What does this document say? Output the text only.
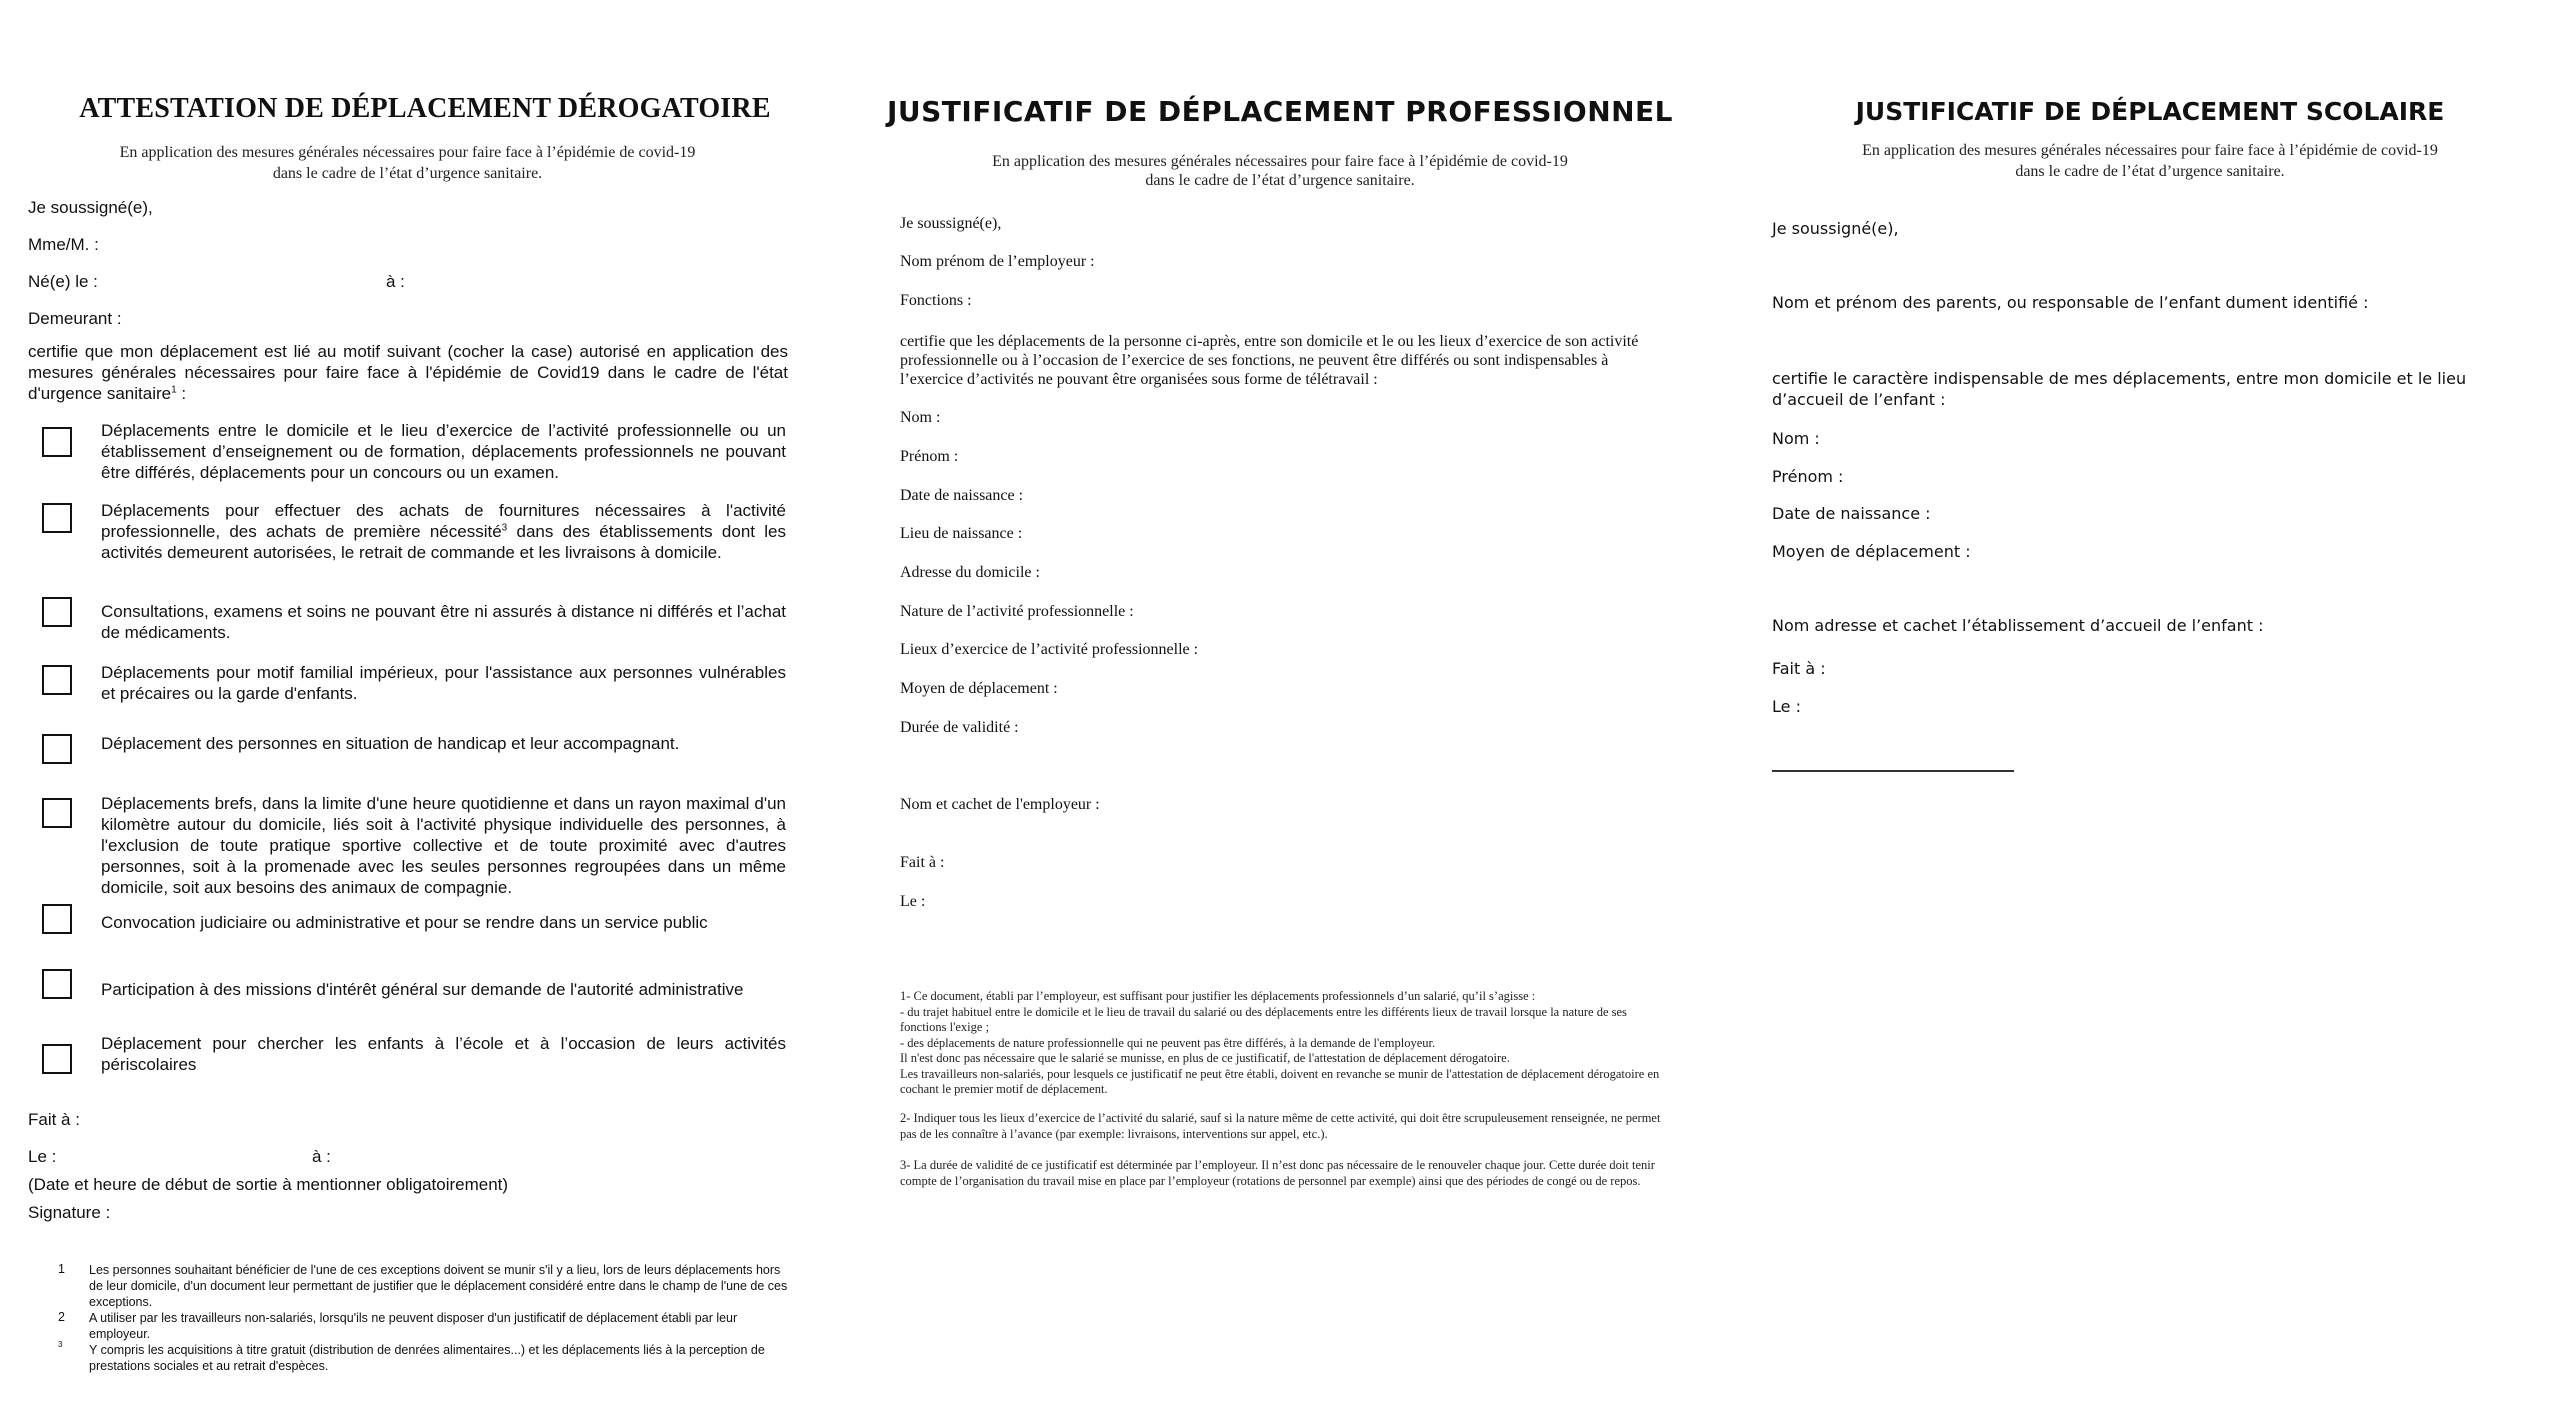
ATTESTATION DE DÉPLACEMENT DÉROGATOIRE
En application des mesures générales nécessaires pour faire face à l’épidémie de covid-19
dans le cadre de l’état d’urgence sanitaire.
Je soussigné(e),
Mme/M. :
Né(e) le :	à :
Demeurant :
certifie que mon déplacement est lié au motif suivant (cocher la case) autorisé en application des mesures générales nécessaires pour faire face à l'épidémie de Covid19 dans le cadre de l'état d'urgence sanitaire$^1$ :
Déplacements entre le domicile et le lieu d’exercice de l’activité professionnelle ou un établissement d’enseignement ou de formation, déplacements professionnels ne pouvant être différés, déplacements pour un concours ou un examen.
Déplacements pour effectuer des achats de fournitures nécessaires à l'activité professionnelle, des achats de première nécessité$^3$ dans des établissements dont les activités demeurent autorisées, le retrait de commande et les livraisons à domicile.
Consultations, examens et soins ne pouvant être ni assurés à distance ni différés et l’achat de médicaments.
Déplacements pour motif familial impérieux, pour l'assistance aux personnes vulnérables et précaires ou la garde d'enfants.
Déplacement des personnes en situation de handicap et leur accompagnant.
Déplacements brefs, dans la limite d'une heure quotidienne et dans un rayon maximal d'un kilomètre autour du domicile, liés soit à l'activité physique individuelle des personnes, à l'exclusion de toute pratique sportive collective et de toute proximité avec d'autres personnes, soit à la promenade avec les seules personnes regroupées dans un même domicile, soit aux besoins des animaux de compagnie.
Convocation judiciaire ou administrative et pour se rendre dans un service public
Participation à des missions d'intérêt général sur demande de l'autorité administrative
Déplacement pour chercher les enfants à l’école et à l’occasion de leurs activités périscolaires
Fait à :
Le :	à :
(Date et heure de début de sortie à mentionner obligatoirement)
Signature :
1 Les personnes souhaitant bénéficier de l'une de ces exceptions doivent se munir s'il y a lieu, lors de leurs déplacements hors de leur domicile, d'un document leur permettant de justifier que le déplacement considéré entre dans le champ de l'une de ces exceptions.
2 A utiliser par les travailleurs non-salariés, lorsqu'ils ne peuvent disposer d'un justificatif de déplacement établi par leur employeur.
3 Y compris les acquisitions à titre gratuit (distribution de denrées alimentaires...) et les déplacements liés à la perception de prestations sociales et au retrait d'espèces.
JUSTIFICATIF DE DÉPLACEMENT PROFESSIONNEL
En application des mesures générales nécessaires pour faire face à l’épidémie de covid-19
dans le cadre de l’état d’urgence sanitaire.
Je soussigné(e),
Nom prénom de l’employeur :
Fonctions :
certifie que les déplacements de la personne ci-après, entre son domicile et le ou les lieux d’exercice de son activité professionnelle ou à l’occasion de l’exercice de ses fonctions, ne peuvent être différés ou sont indispensables à l’exercice d’activités ne pouvant être organisées sous forme de télétravail :
Nom :
Prénom :
Date de naissance :
Lieu de naissance :
Adresse du domicile :
Nature de l’activité professionnelle :
Lieux d’exercice de l’activité professionnelle :
Moyen de déplacement :
Durée de validité :
Nom et cachet de l'employeur :
Fait à :
Le :
1- Ce document, établi par l’employeur, est suffisant pour justifier les déplacements professionnels d’un salarié, qu’il s’agisse :
- du trajet habituel entre le domicile et le lieu de travail du salarié ou des déplacements entre les différents lieux de travail lorsque la nature de ses fonctions l'exige ;
- des déplacements de nature professionnelle qui ne peuvent pas être différés, à la demande de l'employeur.
Il n'est donc pas nécessaire que le salarié se munisse, en plus de ce justificatif, de l'attestation de déplacement dérogatoire.
Les travailleurs non-salariés, pour lesquels ce justificatif ne peut être établi, doivent en revanche se munir de l'attestation de déplacement dérogatoire en cochant le premier motif de déplacement.
2- Indiquer tous les lieux d’exercice de l’activité du salarié, sauf si la nature même de cette activité, qui doit être scrupuleusement renseignée, ne permet pas de les connaître à l’avance (par exemple: livraisons, interventions sur appel, etc.).
3- La durée de validité de ce justificatif est déterminée par l’employeur. Il n’est donc pas nécessaire de le renouveler chaque jour. Cette durée doit tenir compte de l’organisation du travail mise en place par l’employeur (rotations de personnel par exemple) ainsi que des périodes de congé ou de repos.
JUSTIFICATIF DE DÉPLACEMENT SCOLAIRE
En application des mesures générales nécessaires pour faire face à l’épidémie de covid-19
dans le cadre de l’état d’urgence sanitaire.
Je soussigné(e),
Nom et prénom des parents, ou responsable de l’enfant dument identifié :
certifie le caractère indispensable de mes déplacements, entre mon domicile et le lieu d’accueil de l’enfant :
Nom :
Prénom :
Date de naissance :
Moyen de déplacement :
Nom adresse et cachet l’établissement d’accueil de l’enfant :
Fait à :
Le :
